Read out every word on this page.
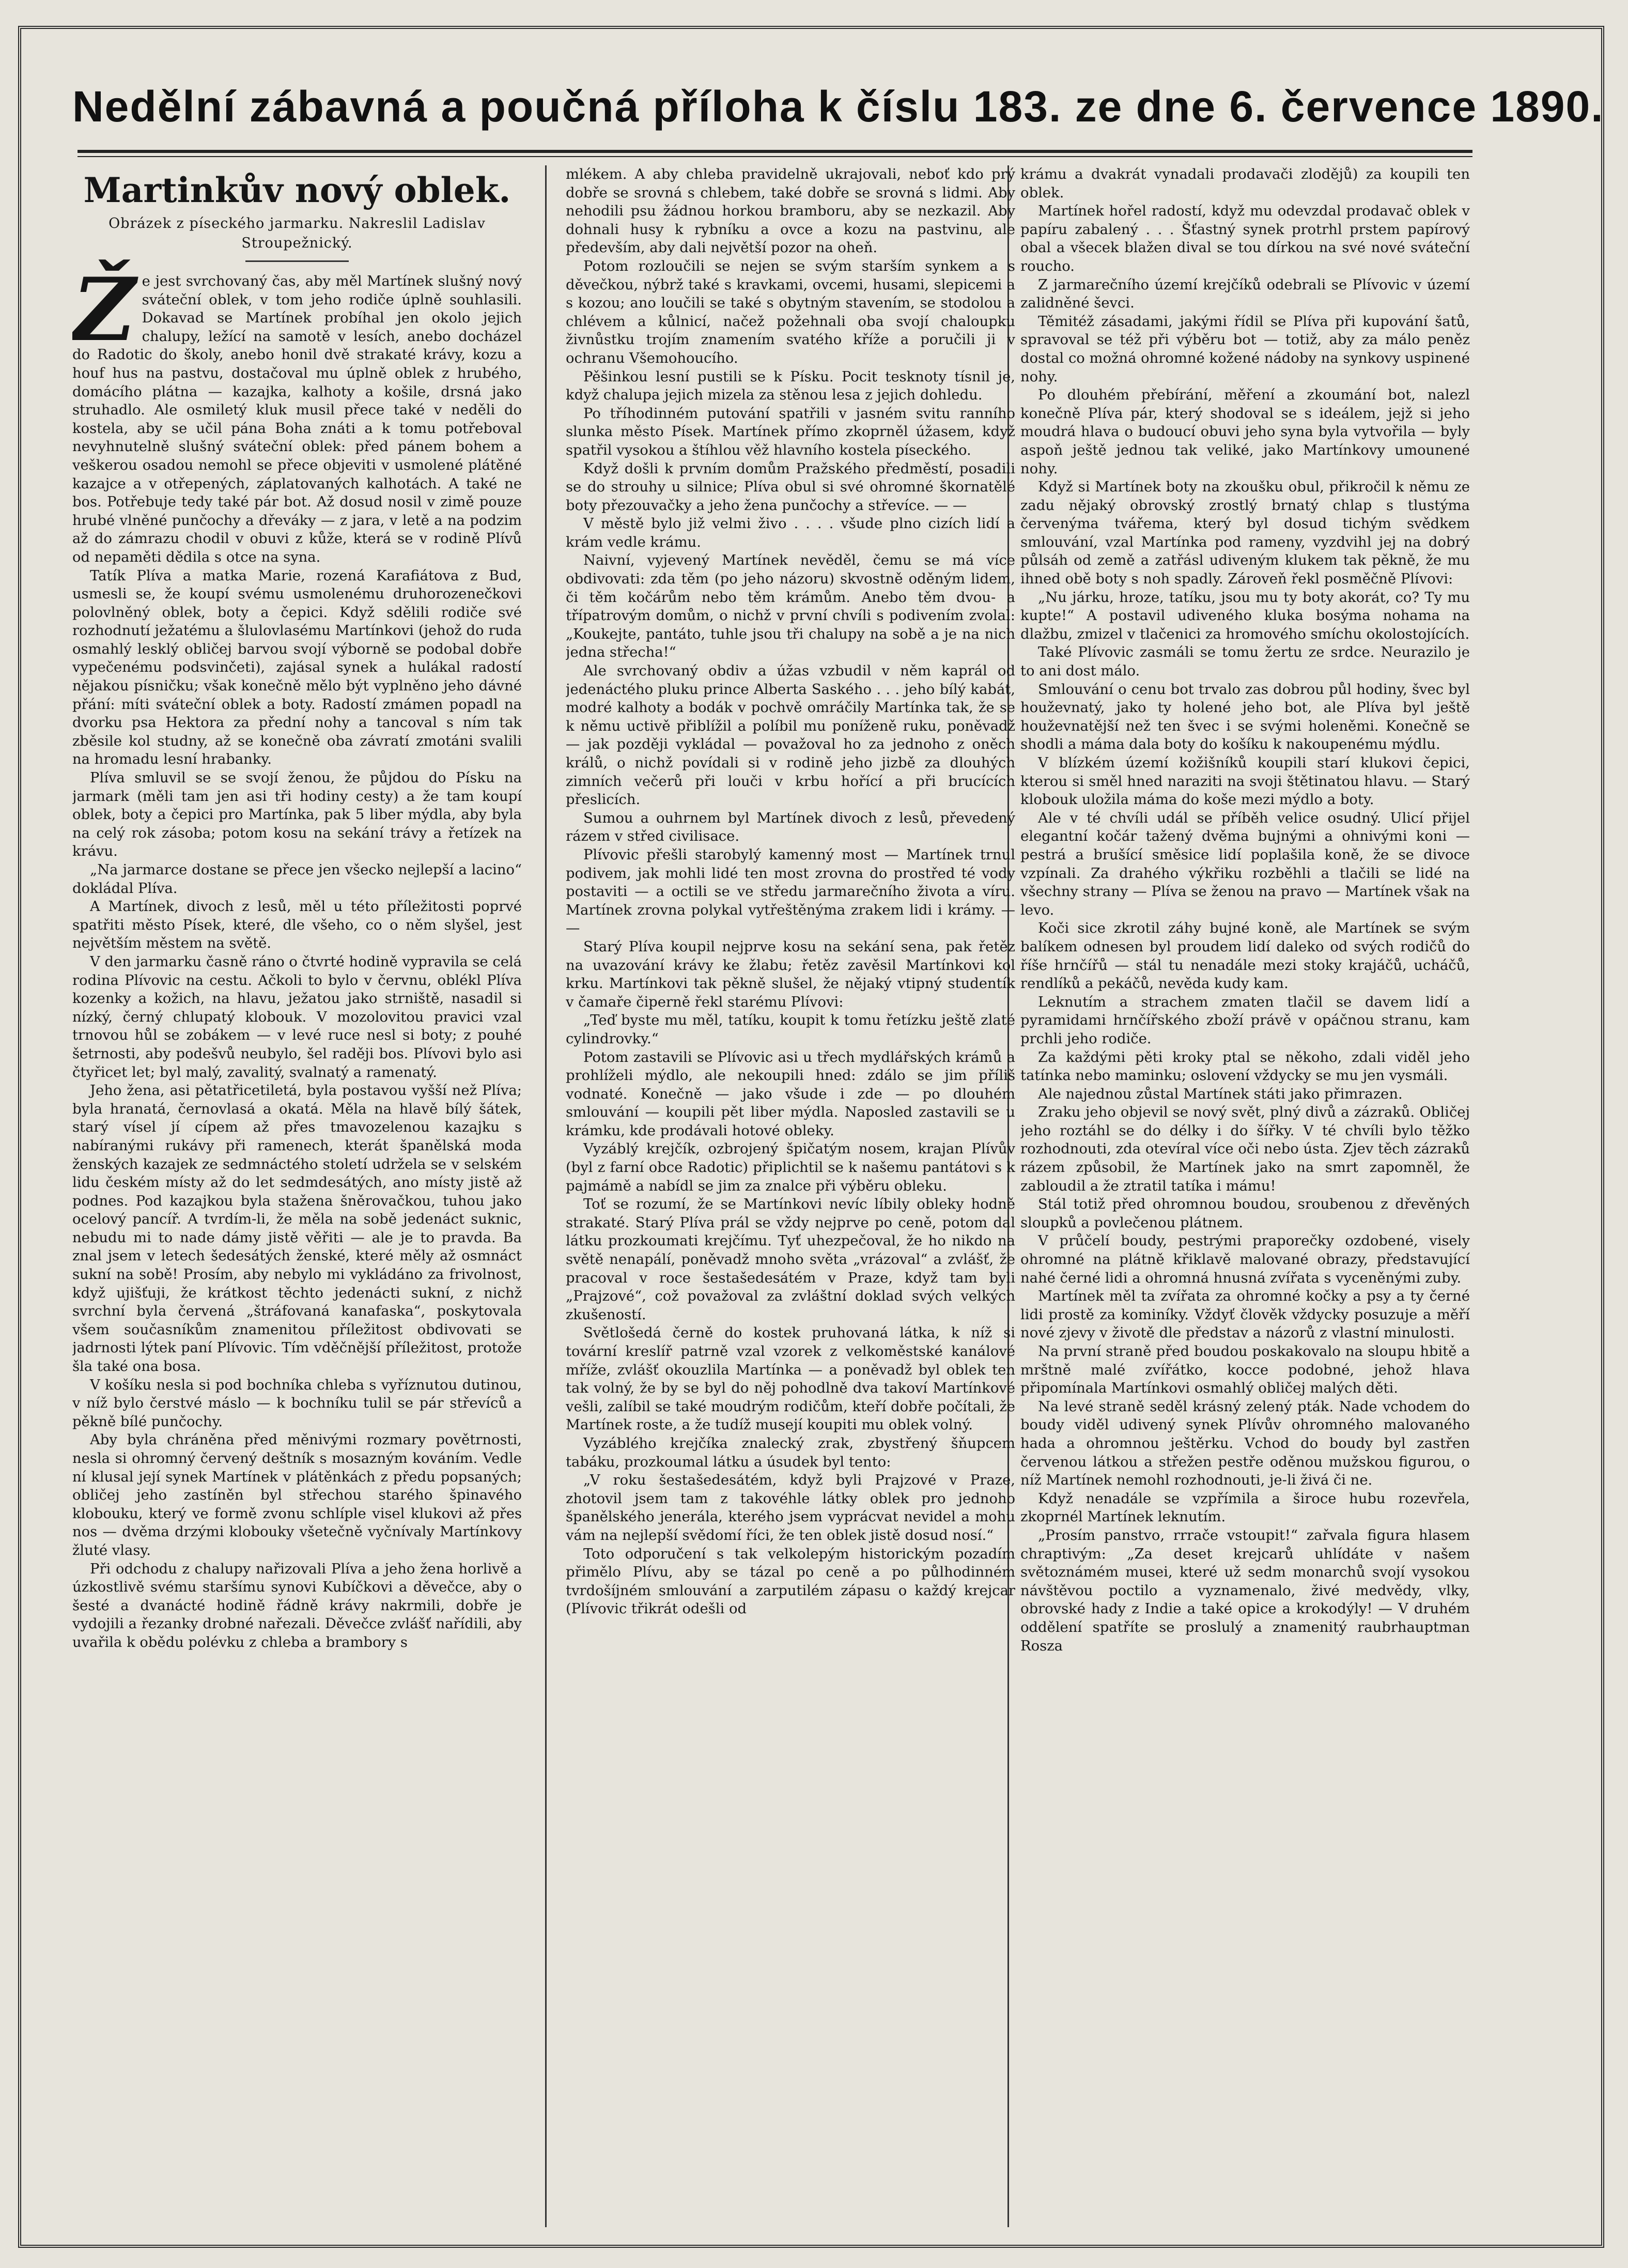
Nedělní zábavná a poučná příloha k číslu 183. ze dne 6. července 1890.
Martinkův nový oblek.
Obrázek z píseckého jarmarku. Nakreslil Ladislav Stroupežnický.
Ž e jest svrchovaný čas, aby měl Martínek slušný nový sváteční oblek, v tom jeho rodiče úplně souhlasili. Dokavad se Martínek probíhal jen okolo jejich chalupy, ležící na samotě v lesích, anebo docházel do Radotic do školy, anebo honil dvě strakaté krávy, kozu a houf hus na pastvu, dostačoval mu úplně oblek z hrubého, domácího plátna — kazajka, kalhoty a košile, drsná jako struhadlo. Ale osmiletý kluk musil přece také v neděli do kostela, aby se učil pána Boha znáti a k tomu potřeboval nevyhnutelně slušný sváteční oblek: před pánem bohem a veškerou osadou nemohl se přece objeviti v usmolené plátěné kazajce a v otřepených, záplatovaných kalhotách. A také ne bos. Potřebuje tedy také pár bot. Až dosud nosil v zimě pouze hrubé vlněné punčochy a dřeváky — z jara, v letě a na podzim až do zámrazu chodil v obuvi z kůže, která se v rodině Plívů od nepaměti dědila s otce na syna.

Tatík Plíva a matka Marie, rozená Karafiátova z Bud, usmesli se, že koupí svému usmolenému druhorozenečkovi polovlněný oblek, boty a čepici. Když sdělili rodiče své rozhodnutí ježatému a šlulovlasému Martínkovi (jehož do ruda osmahlý lesklý obličej barvou svojí výborně se podobal dobře vypečenému podsvinčeti), zajásal synek a hulákal radostí nějakou písničku; však konečně mělo být vyplněno jeho dávné přání: míti sváteční oblek a boty. Radostí zmámen popadl na dvorku psa Hektora za přední nohy a tancoval s ním tak zběsile kol studny, až se konečně oba závratí zmotáni svalili na hromadu lesní hrabanky.

Plíva smluvil se se svojí ženou, že půjdou do Písku na jarmark (měli tam jen asi tři hodiny cesty) a že tam koupí oblek, boty a čepici pro Martínka, pak 5 liber mýdla, aby byla na celý rok zásoba; potom kosu na sekání trávy a řetízek na krávu.

„Na jarmarce dostane se přece jen všecko nejlepší a lacino“ dokládal Plíva.

A Martínek, divoch z lesů, měl u této příležitosti poprvé spatřiti město Písek, které, dle všeho, co o něm slyšel, jest největším městem na světě.

V den jarmarku časně ráno o čtvrté hodině vypravila se celá rodina Plívovic na cestu. Ačkoli to bylo v červnu, oblékl Plíva kozenky a kožich, na hlavu, ježatou jako strniště, nasadil si nízký, černý chlupatý klobouk. V mozolovitou pravici vzal trnovou hůl se zobákem — v levé ruce nesl si boty; z pouhé šetrnosti, aby podešvů neubylo, šel raději bos. Plívovi bylo asi čtyřicet let; byl malý, zavalitý, svalnatý a ramenatý.

Jeho žena, asi pětatřicetiletá, byla postavou vyšší než Plíva; byla hranatá, černovlasá a okatá. Měla na hlavě bílý šátek, starý vísel jí cípem až přes tmavozelenou kazajku s nabíranými rukávy při ramenech, kterát španělská moda ženských kazajek ze sedmnáctého století udržela se v selském lidu českém místy až do let sedmdesátých, ano místy jistě až podnes. Pod kazajkou byla stažena šněrovačkou, tuhou jako ocelový pancíř. A tvrdím-li, že měla na sobě jedenáct suknic, nebudu mi to nade dámy jistě věřiti — ale je to pravda. Ba znal jsem v letech šedesátých ženské, které měly až osmnáct sukní na sobě! Prosím, aby nebylo mi vykládáno za frivolnost, když ujišťuji, že krátkost těchto jedenácti sukní, z nichž svrchní byla červená „štráfovaná kanafaska“, poskytovala všem současníkům znamenitou příležitost obdivovati se jadrnosti lýtek paní Plívovic. Tím vděčnější příležitost, protože šla také ona bosa.

V košíku nesla si pod bochníka chleba s vyříznutou dutinou, v níž bylo čerstvé máslo — k bochníku tulil se pár střevíců a pěkně bílé punčochy.

Aby byla chráněna před měnivými rozmary povětrnosti, nesla si ohromný červený deštník s mosazným kováním. Vedle ní klusal její synek Martínek v plátěnkách z předu popsaných; obličej jeho zastíněn byl střechou starého špinavého klobouku, který ve formě zvonu schlíple visel klukovi až přes nos — dvěma drzými klobouky všetečně vyčnívaly Martínkovy žluté vlasy.

Při odchodu z chalupy nařizovali Plíva a jeho žena horlivě a úzkostlivě svému staršímu synovi Kubíčkovi a děvečce, aby o šesté a dvanácté hodině řádně krávy nakrmili, dobře je vydojili a řezanky drobné nařezali. Děvečce zvlášť nařídili, aby uvařila k obědu polévku z chleba a brambory s

mlékem. A aby chleba pravidelně ukrajovali, neboť kdo prý dobře se srovná s chlebem, také dobře se srovná s lidmi. Aby nehodili psu žádnou horkou bramboru, aby se nezkazil. Aby dohnali husy k rybníku a ovce a kozu na pastvinu, ale především, aby dali největší pozor na oheň.

Potom rozloučili se nejen se svým starším synkem a s děvečkou, nýbrž také s kravkami, ovcemi, husami, slepicemi a s kozou; ano loučili se také s obytným stavením, se stodolou a chlévem a kůlnicí, načež požehnali oba svojí chaloupku živnůstku trojím znamením svatého kříže a poručili ji v ochranu Všemohoucího.

Pěšinkou lesní pustili se k Písku. Pocit tesknoty tísnil je, když chalupa jejich mizela za stěnou lesa z jejich dohledu.

Po tříhodinném putování spatřili v jasném svitu ranního slunka město Písek. Martínek přímo zkoprněl úžasem, když spatřil vysokou a štíhlou věž hlavního kostela píseckého.

Když došli k prvním domům Pražského předměstí, posadili se do strouhy u silnice; Plíva obul si své ohromné škornatělé boty přezouvačky a jeho žena punčochy a střevíce. — —

V městě bylo již velmi živo . . . . všude plno cizích lidí a krám vedle krámu.

Naivní, vyjevený Martínek nevěděl, čemu se má více obdivovati: zda těm (po jeho názoru) skvostně oděným lidem, či těm kočárům nebo těm krámům. Anebo těm dvou- a třípatrovým domům, o nichž v první chvíli s podivením zvolal: „Koukejte, pantáto, tuhle jsou tři chalupy na sobě a je na nich jedna střecha!“

Ale svrchovaný obdiv a úžas vzbudil v něm kaprál od jedenáctého pluku prince Alberta Saského . . . jeho bílý kabát, modré kalhoty a bodák v pochvě omráčily Martínka tak, že se k němu uctivě přiblížil a políbil mu poníženě ruku, poněvadž — jak později vykládal — považoval ho za jednoho z oněch králů, o nichž povídali si v rodině jeho jizbě za dlouhých zimních večerů při louči v krbu hořící a při brucících přeslicích.

Sumou a ouhrnem byl Martínek divoch z lesů, převedený rázem v střed civilisace.

Plívovic přešli starobylý kamenný most — Martínek trnul podivem, jak mohli lidé ten most zrovna do prostřed té vody postaviti — a octili se ve středu jarmarečního života a víru. Martínek zrovna polykal vytřeštěnýma zrakem lidi i krámy. — —

Starý Plíva koupil nejprve kosu na sekání sena, pak řetěz na uvazování krávy ke žlabu; řetěz zavěsil Martínkovi kol krku. Martínkovi tak pěkně slušel, že nějaký vtipný studentík v čamaře čiperně řekl starému Plívovi:

„Teď byste mu měl, tatíku, koupit k tomu řetízku ještě zlaté cylindrovky.“

Potom zastavili se Plívovic asi u třech mydlářských krámů a prohlíželi mýdlo, ale nekoupili hned: zdálo se jim příliš vodnaté. Konečně — jako všude i zde — po dlouhém smlouvání — koupili pět liber mýdla. Naposled zastavili se u krámku, kde prodávali hotové obleky.

Vyzáblý krejčík, ozbrojený špičatým nosem, krajan Plívův (byl z farní obce Radotic) připlichtil se k našemu pantátovi s k pajmámě a nabídl se jim za znalce při výběru obleku.

Toť se rozumí, že se Martínkovi nevíc líbily obleky hodně strakaté. Starý Plíva prál se vždy nejprve po ceně, potom dal látku prozkoumati krejčímu. Tyť uhezpečoval, že ho nikdo na světě nenapálí, poněvadž mnoho světa „vrázoval“ a zvlášť, že pracoval v roce šestašedesátém v Praze, když tam byli „Prajzové“, což považoval za zvláštní doklad svých velkých zkušeností.

Světlošedá černě do kostek pruhovaná látka, k níž si tovární kreslíř patrně vzal vzorek z velkoměstské kanálové mříže, zvlášť okouzlila Martínka — a poněvadž byl oblek ten tak volný, že by se byl do něj pohodlně dva takoví Martínkové vešli, zalíbil se také moudrým rodičům, kteří dobře počítali, že Martínek roste, a že tudíž musejí koupiti mu oblek volný.

Vyzáblého krejčíka znalecký zrak, zbystřený šňupcem tabáku, prozkoumal látku a úsudek byl tento:

„V roku šestašedesátém, když byli Prajzové v Praze, zhotovil jsem tam z takovéhle látky oblek pro jednoho španělského jenerála, kterého jsem vyprácvat nevidel a mohu vám na nejlepší svědomí říci, že ten oblek jistě dosud nosí.“

Toto odporučení s tak velkolepým historickým pozadím přimělo Plívu, aby se tázal po ceně a po půlhodinném tvrdošíjném smlouvání a zarputilém zápasu o každý krejcar (Plívovic třikrát odešli od

krámu a dvakrát vynadali prodavači zlodějů) za koupili ten oblek.

Martínek hořel radostí, když mu odevzdal prodavač oblek v papíru zabalený . . . Šťastný synek protrhl prstem papírový obal a všecek blažen dival se tou dírkou na své nové sváteční roucho.

Z jarmarečního území krejčíků odebrali se Plívovic v území zalidněné ševci.

Těmitéž zásadami, jakými řídil se Plíva při kupování šatů, spravoval se též při výběru bot — totiž, aby za málo peněz dostal co možná ohromné kožené nádoby na synkovy uspinené nohy.

Po dlouhém přebírání, měření a zkoumání bot, nalezl konečně Plíva pár, který shodoval se s ideálem, jejž si jeho moudrá hlava o budoucí obuvi jeho syna byla vytvořila — byly aspoň ještě jednou tak veliké, jako Martínkovy umounené nohy.

Když si Martínek boty na zkoušku obul, přikročil k němu ze zadu nějaký obrovský zrostlý brnatý chlap s tlustýma červenýma tvářema, který byl dosud tichým svědkem smlouvání, vzal Martínka pod rameny, vyzdvihl jej na dobrý půlsáh od země a zatřásl udiveným klukem tak pěkně, že mu ihned obě boty s noh spadly. Zároveň řekl posměčně Plívovi:

„Nu járku, hroze, tatíku, jsou mu ty boty akorát, co? Ty mu kupte!“ A postavil udiveného kluka bosýma nohama na dlažbu, zmizel v tlačenici za hromového smíchu okolostojících.

Také Plívovic zasmáli se tomu žertu ze srdce. Neurazilo je to ani dost málo.

Smlouvání o cenu bot trvalo zas dobrou půl hodiny, švec byl houževnatý, jako ty holené jeho bot, ale Plíva byl ještě houževnatější než ten švec i se svými holeněmi. Konečně se shodli a máma dala boty do košíku k nakoupenému mýdlu.

V blízkém území kožišníků koupili starí klukovi čepici, kterou si směl hned naraziti na svoji štětinatou hlavu. — Starý klobouk uložila máma do koše mezi mýdlo a boty.

Ale v té chvíli udál se příběh velice osudný. Ulicí přijel elegantní kočár tažený dvěma bujnými a ohnivými koni — pestrá a brušící směsice lidí poplašila koně, že se divoce vzpínali. Za drahého výkřiku rozběhli a tlačili se lidé na všechny strany — Plíva se ženou na pravo — Martínek však na levo.

Koči sice zkrotil záhy bujné koně, ale Martínek se svým balíkem odnesen byl proudem lidí daleko od svých rodičů do říše hrnčířů — stál tu nenadále mezi stoky krajáčů, ucháčů, rendlíků a pekáčů, nevěda kudy kam.

Leknutím a strachem zmaten tlačil se davem lidí a pyramidami hrnčířského zboží právě v opáčnou stranu, kam prchli jeho rodiče.

Za každými pěti kroky ptal se někoho, zdali viděl jeho tatínka nebo maminku; oslovení vždycky se mu jen vysmáli.

Ale najednou zůstal Martínek státi jako přimrazen.

Zraku jeho objevil se nový svět, plný divů a zázraků. Obličej jeho roztáhl se do délky i do šířky. V té chvíli bylo těžko rozhodnouti, zda otevíral více oči nebo ústa. Zjev těch zázraků rázem způsobil, že Martínek jako na smrt zapomněl, že zabloudil a že ztratil tatíka i mámu!

Stál totiž před ohromnou boudou, sroubenou z dřevěných sloupků a povlečenou plátnem.

V průčelí boudy, pestrými praporečky ozdobené, visely ohromné na plátně křiklavě malované obrazy, představující nahé černé lidi a ohromná hnusná zvířata s vyceněnými zuby.

Martínek měl ta zvířata za ohromné kočky a psy a ty černé lidi prostě za kominíky. Vždyť člověk vždycky posuzuje a měří nové zjevy v životě dle představ a názorů z vlastní minulosti.

Na první straně před boudou poskakovalo na sloupu hbitě a mrštně malé zvířátko, kocce podobné, jehož hlava připomínala Martínkovi osmahlý obličej malých děti.

Na levé straně seděl krásný zelený pták. Nade vchodem do boudy viděl udivený synek Plívův ohromného malovaného hada a ohromnou ještěrku. Vchod do boudy byl zastřen červenou látkou a střežen pestře oděnou mužskou figurou, o níž Martínek nemohl rozhodnouti, je-li živá či ne.

Když nenadále se vzpřímila a široce hubu rozevřela, zkoprnél Martínek leknutím.

„Prosím panstvo, rrrače vstoupit!“ zařvala figura hlasem chraptivým: „Za deset krejcarů uhlídáte v našem světoznámém musei, které už sedm monarchů svojí vysokou návštěvou poctilo a vyznamenalo, živé medvědy, vlky, obrovské hady z Indie a také opice a krokodýly! — V druhém oddělení spatříte se proslulý a znamenitý raubrhauptman Rosza
